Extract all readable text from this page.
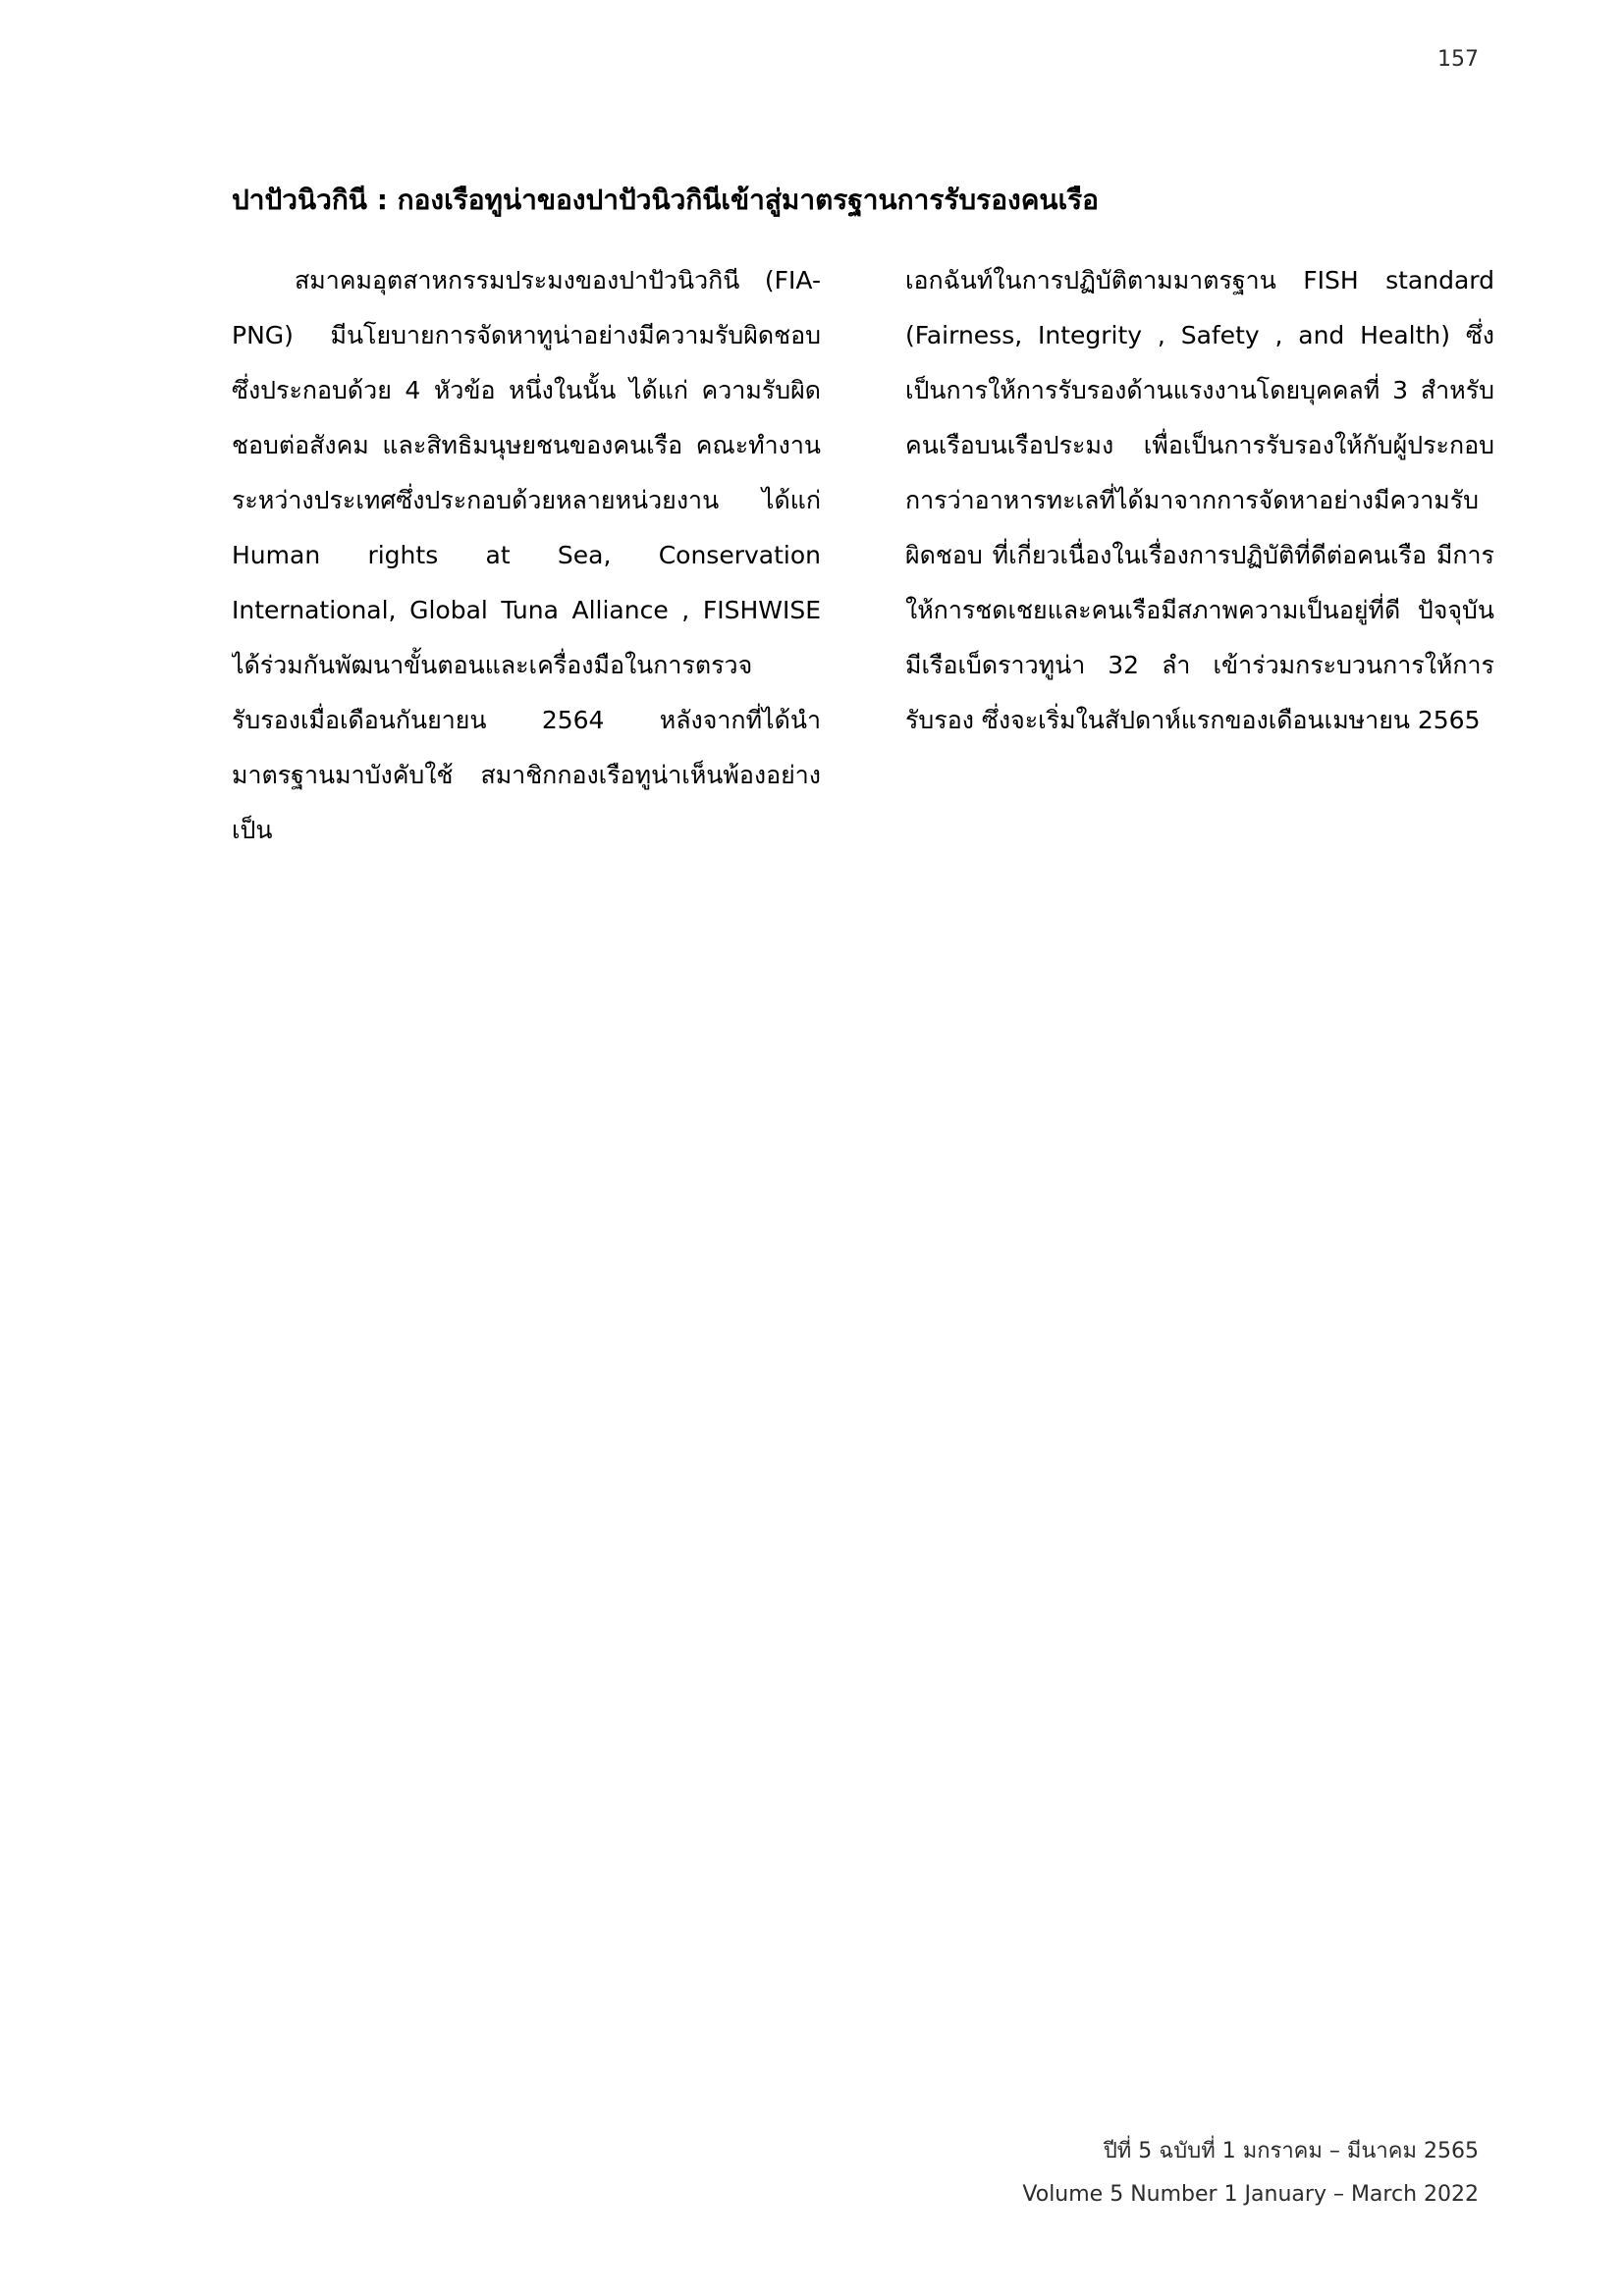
157
ปาปัวนิวกินี : กองเรือทูน่าของปาปัวนิวกินีเข้าสู่มาตรฐานการรับรองคนเรือ
สมาคมอุตสาหกรรมประมงของปาปัวนิวกินี (FIA-PNG) มีนโยบายการจัดหาทูน่าอย่างมีความรับผิดชอบ ซึ่งประกอบด้วย 4 หัวข้อ หนึ่งในนั้น ได้แก่ ความรับผิดชอบต่อสังคม และสิทธิมนุษยชนของคนเรือ คณะทำงานระหว่างประเทศซึ่งประกอบด้วยหลายหน่วยงาน ได้แก่ Human rights at Sea, Conservation International, Global Tuna Alliance , FISHWISE ได้ร่วมกันพัฒนาขั้นตอนและเครื่องมือในการตรวจรับรองเมื่อเดือนกันยายน 2564 หลังจากที่ได้นำมาตรฐานมาบังคับใช้ สมาชิกกองเรือทูน่าเห็นพ้องอย่างเป็น
เอกฉันท์ในการปฏิบัติตามมาตรฐาน FISH standard (Fairness, Integrity , Safety , and Health) ซึ่งเป็นการให้การรับรองด้านแรงงานโดยบุคคลที่ 3 สำหรับคนเรือบนเรือประมง เพื่อเป็นการรับรองให้กับผู้ประกอบการว่าอาหารทะเลที่ได้มาจากการจัดหาอย่างมีความรับผิดชอบ ที่เกี่ยวเนื่องในเรื่องการปฏิบัติที่ดีต่อคนเรือ มีการให้การชดเชยและคนเรือมีสภาพความเป็นอยู่ที่ดี ปัจจุบันมีเรือเบ็ดราวทูน่า 32 ลำ เข้าร่วมกระบวนการให้การรับรอง ซึ่งจะเริ่มในสัปดาห์แรกของเดือนเมษายน 2565
ปีที่ 5 ฉบับที่ 1 มกราคม – มีนาคม 2565
Volume 5 Number 1 January – March 2022
